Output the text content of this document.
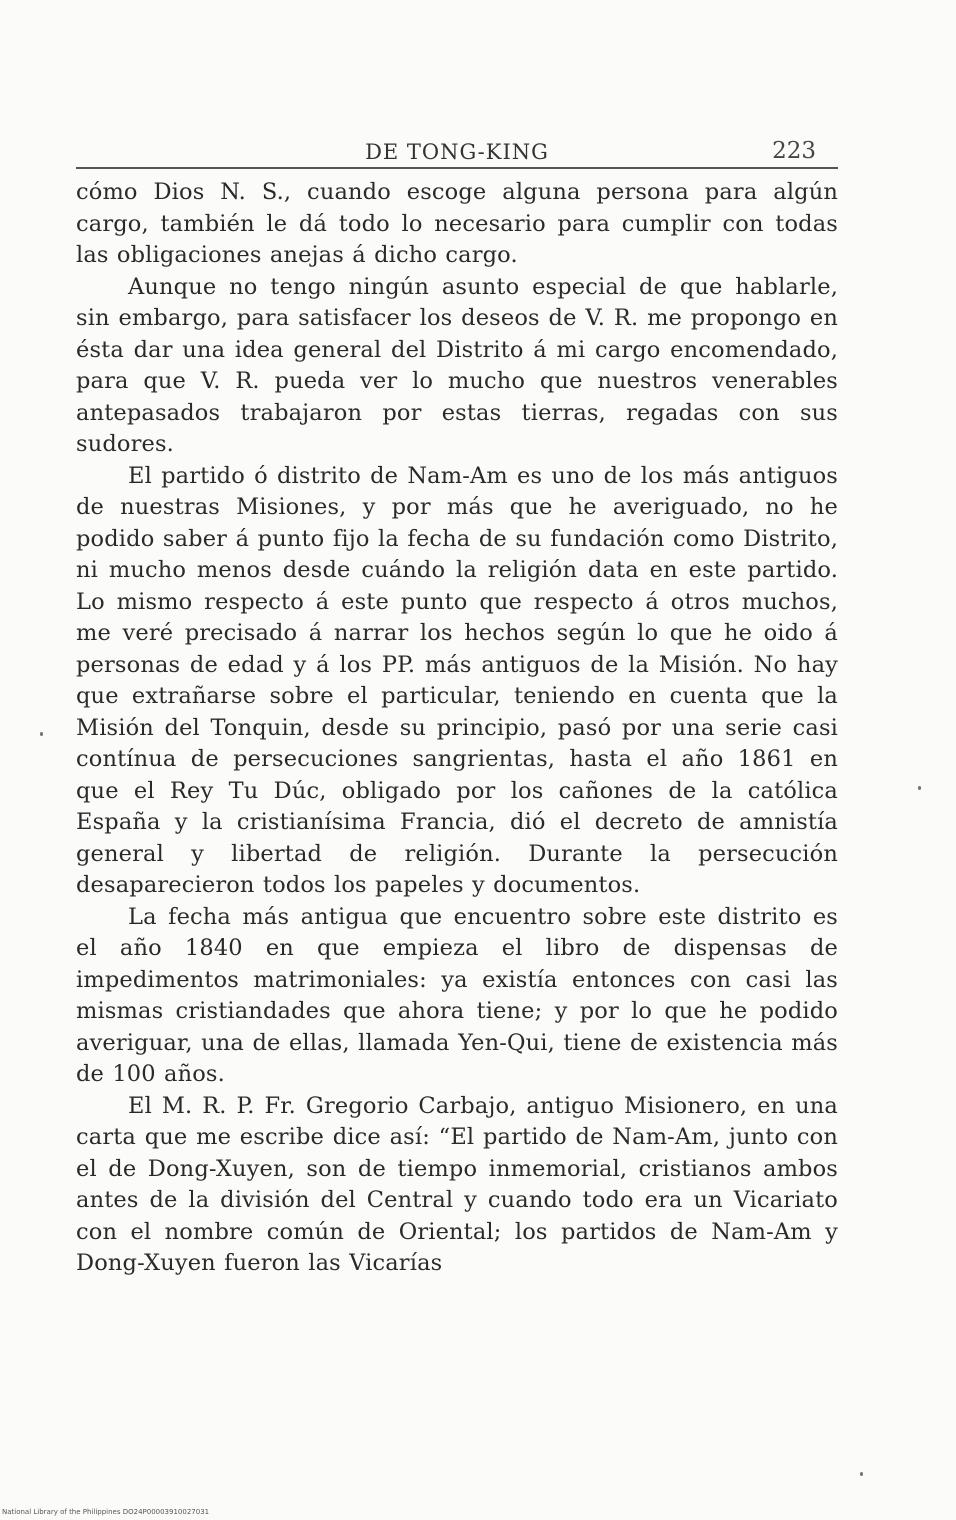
DE TONG-KING	223

cómo Dios N. S., cuando escoge alguna persona para algún cargo, también le dá todo lo necesario para cumplir con todas las obligaciones anejas á dicho cargo.

Aunque no tengo ningún asunto especial de que hablarle, sin embargo, para satisfacer los deseos de V. R. me propongo en ésta dar una idea general del Distrito á mi cargo encomendado, para que V. R. pueda ver lo mucho que nuestros venerables antepasados trabajaron por estas tierras, regadas con sus sudores.

El partido ó distrito de Nam-Am es uno de los más antiguos de nuestras Misiones, y por más que he averiguado, no he podido saber á punto fijo la fecha de su fundación como Distrito, ni mucho menos desde cuándo la religión data en este partido. Lo mismo respecto á este punto que respecto á otros muchos, me veré precisado á narrar los hechos según lo que he oido á personas de edad y á los PP. más antiguos de la Misión. No hay que extrañarse sobre el particular, teniendo en cuenta que la Misión del Tonquin, desde su principio, pasó por una serie casi contínua de persecuciones sangrientas, hasta el año 1861 en que el Rey Tu Dúc, obligado por los cañones de la católica España y la cristianísima Francia, dió el decreto de amnistía general y libertad de religión. Durante la persecución desaparecieron todos los papeles y documentos.

La fecha más antigua que encuentro sobre este distrito es el año 1840 en que empieza el libro de dispensas de impedimentos matrimoniales: ya existía entonces con casi las mismas cristiandades que ahora tiene; y por lo que he podido averiguar, una de ellas, llamada Yen-Qui, tiene de existencia más de 100 años.

El M. R. P. Fr. Gregorio Carbajo, antiguo Misionero, en una carta que me escribe dice así: “El partido de Nam-Am, junto con el de Dong-Xuyen, son de tiempo inmemorial, cristianos ambos antes de la división del Central y cuando todo era un Vicariato con el nombre común de Oriental; los partidos de Nam-Am y Dong-Xuyen fueron las Vicarías

National Library of the Philippines DO24P00003910027031
